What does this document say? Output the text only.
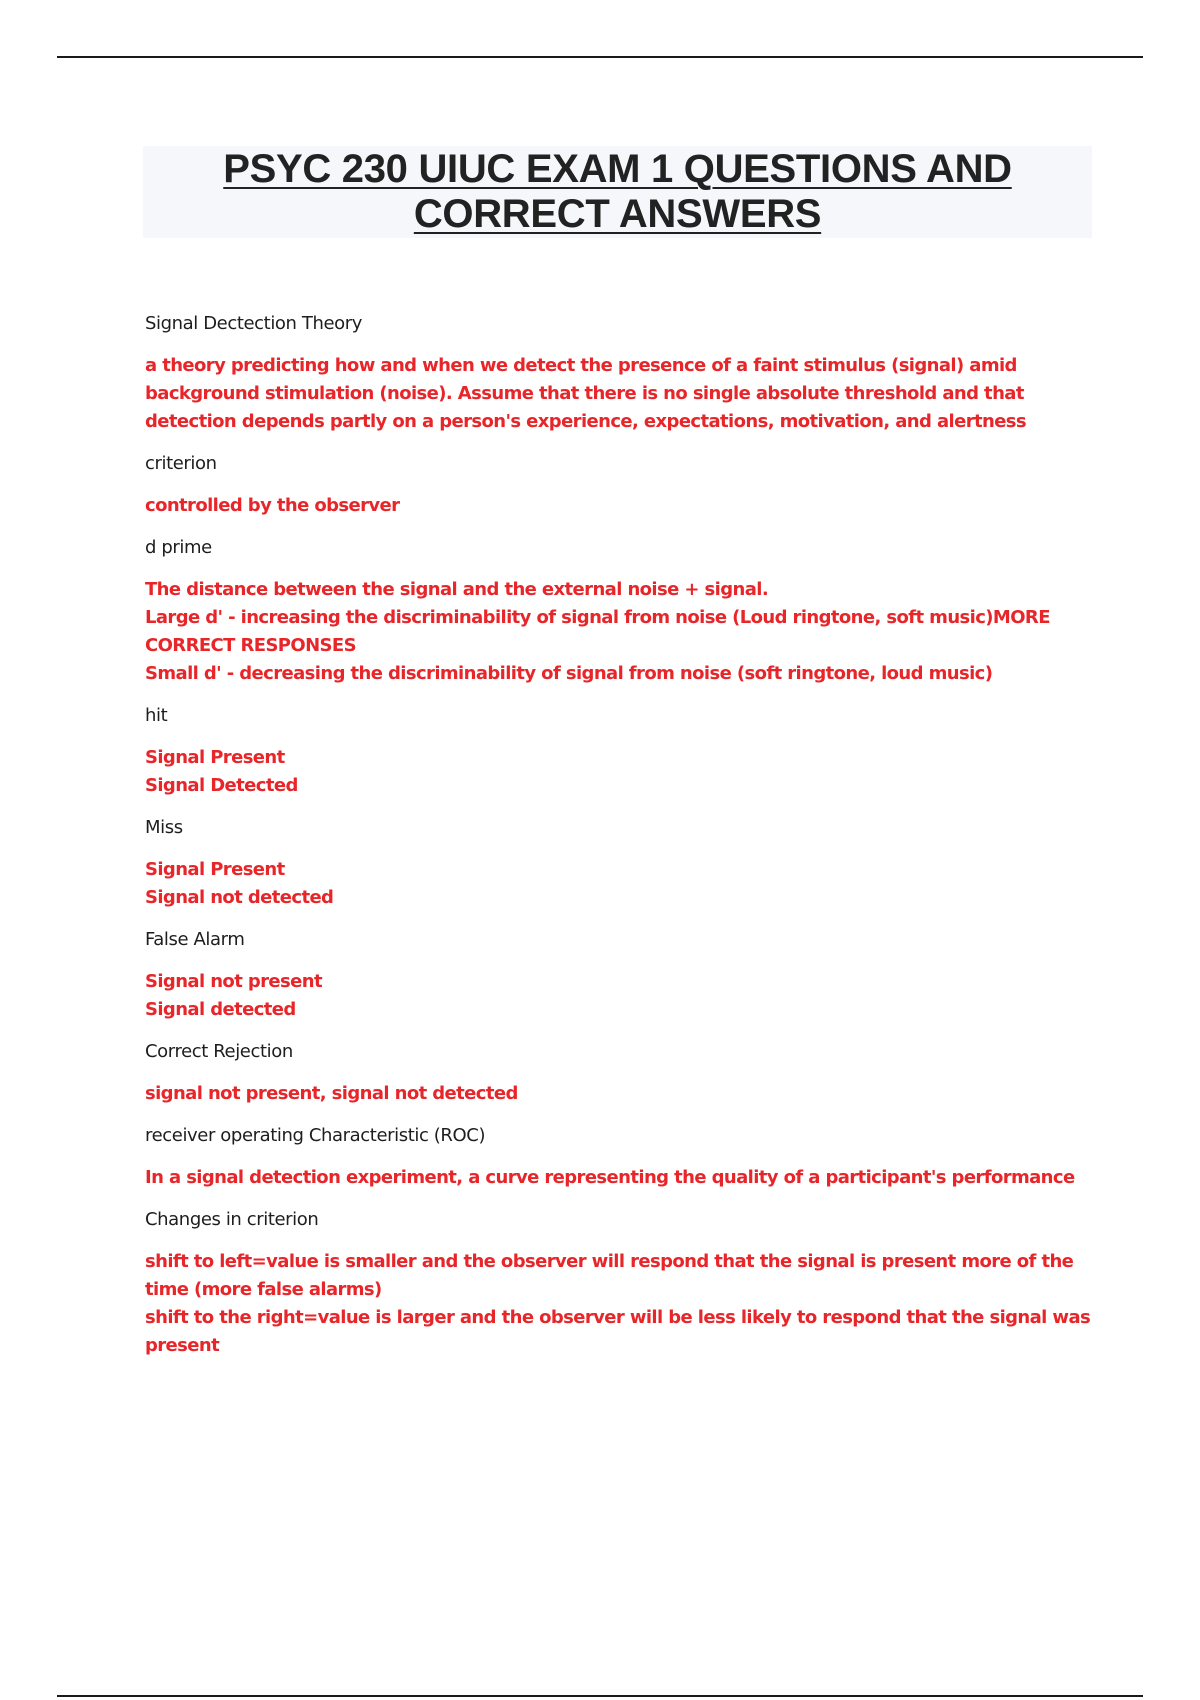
PSYC 230 UIUC EXAM 1 QUESTIONS AND CORRECT ANSWERS

Signal Dectection Theory

a theory predicting how and when we detect the presence of a faint stimulus (signal) amid background stimulation (noise). Assume that there is no single absolute threshold and that detection depends partly on a person's experience, expectations, motivation, and alertness

criterion

controlled by the observer

d prime

The distance between the signal and the external noise + signal.
Large d' - increasing the discriminability of signal from noise (Loud ringtone, soft music)MORE CORRECT RESPONSES
Small d' - decreasing the discriminability of signal from noise (soft ringtone, loud music)

hit

Signal Present
Signal Detected

Miss

Signal Present
Signal not detected

False Alarm

Signal not present
Signal detected

Correct Rejection

signal not present, signal not detected

receiver operating Characteristic (ROC)

In a signal detection experiment, a curve representing the quality of a participant's performance

Changes in criterion

shift to left=value is smaller and the observer will respond that the signal is present more of the time (more false alarms)
shift to the right=value is larger and the observer will be less likely to respond that the signal was present
